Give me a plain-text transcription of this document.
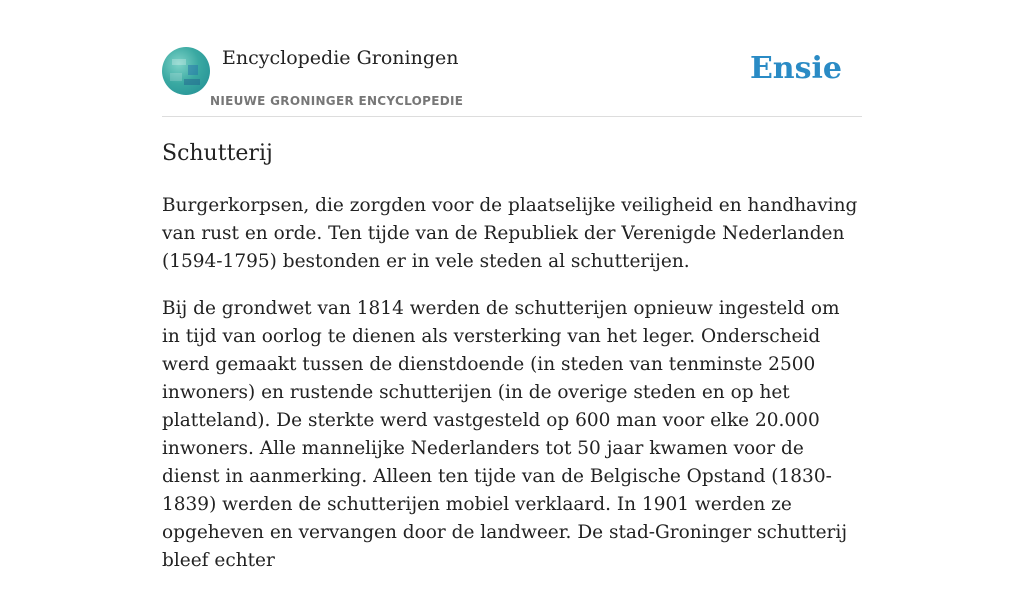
Encyclopedie Groningen
NIEUWE GRONINGER ENCYCLOPEDIE
Ensie
Schutterij

Burgerkorpsen, die zorgden voor de plaatselijke veiligheid en handhaving van rust en orde. Ten tijde van de Republiek der Verenigde Nederlanden (1594-1795) bestonden er in vele steden al schutterijen.

Bij de grondwet van 1814 werden de schutterijen opnieuw ingesteld om in tijd van oorlog te dienen als versterking van het leger. Onderscheid werd gemaakt tussen de dienstdoende (in steden van tenminste 2500 inwoners) en rustende schutterijen (in de overige steden en op het platteland). De sterkte werd vastgesteld op 600 man voor elke 20.000 inwoners. Alle mannelijke Nederlanders tot 50 jaar kwamen voor de dienst in aanmerking. Alleen ten tijde van de Belgische Opstand (1830-1839) werden de schutterijen mobiel verklaard. In 1901 werden ze opgeheven en vervangen door de landweer. De stad-Groninger schutterij bleef echter
